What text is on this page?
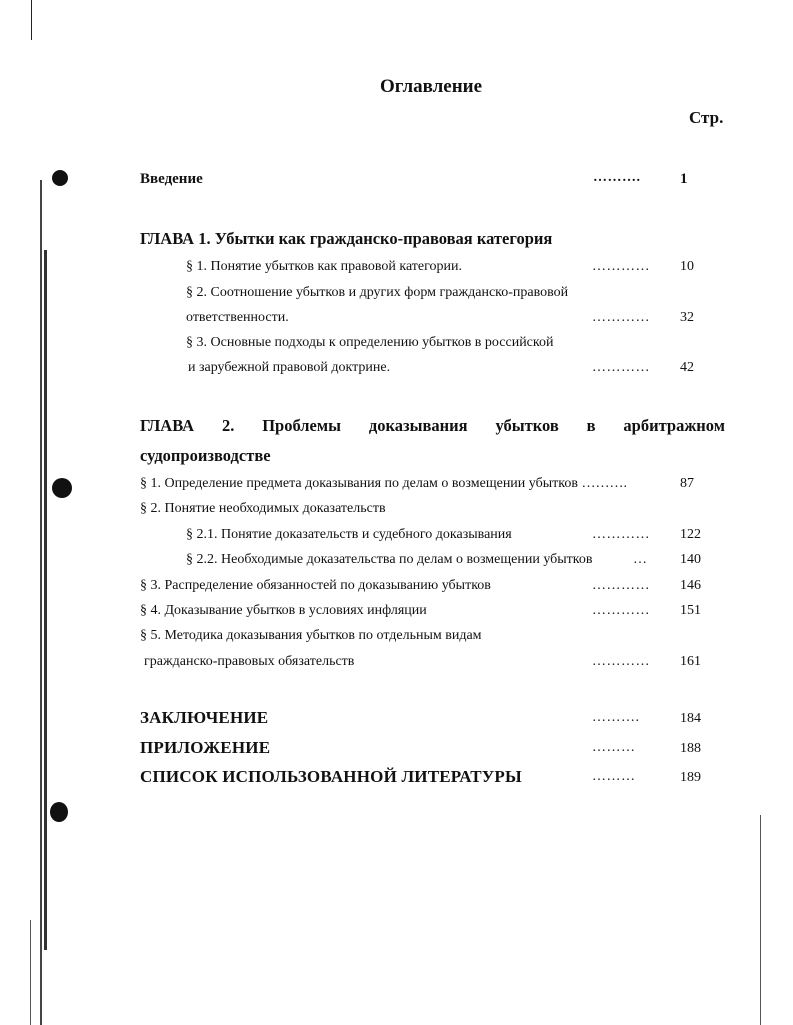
Оглавление
Стр.
Введение	……….	1
ГЛАВА 1. Убытки как гражданско-правовая категория
§ 1. Понятие убытков как правовой категории.	………… 10
§ 2. Соотношение убытков и других форм гражданско-правовой
ответственности.	………… 32
§ 3. Основные подходы к определению убытков в российской
и зарубежной правовой доктрине.	………… 42
ГЛАВА 2. Проблемы доказывания убытков в арбитражном
судопроизводстве
§ 1. Определение предмета доказывания по делам о возмещении убытков ……….	87
§ 2. Понятие необходимых доказательств
§ 2.1. Понятие доказательств и судебного доказывания	………… 122
§ 2.2. Необходимые доказательства по делам о возмещении убытков	… 140
§ 3. Распределение обязанностей по доказыванию убытков	………… 146
§ 4. Доказывание убытков в условиях инфляции	………… 151
§ 5. Методика доказывания убытков по отдельным видам
гражданско-правовых обязательств	………… 161
ЗАКЛЮЧЕНИЕ	……….	184
ПРИЛОЖЕНИЕ	………	188
СПИСОК ИСПОЛЬЗОВАННОЙ ЛИТЕРАТУРЫ	………	189
